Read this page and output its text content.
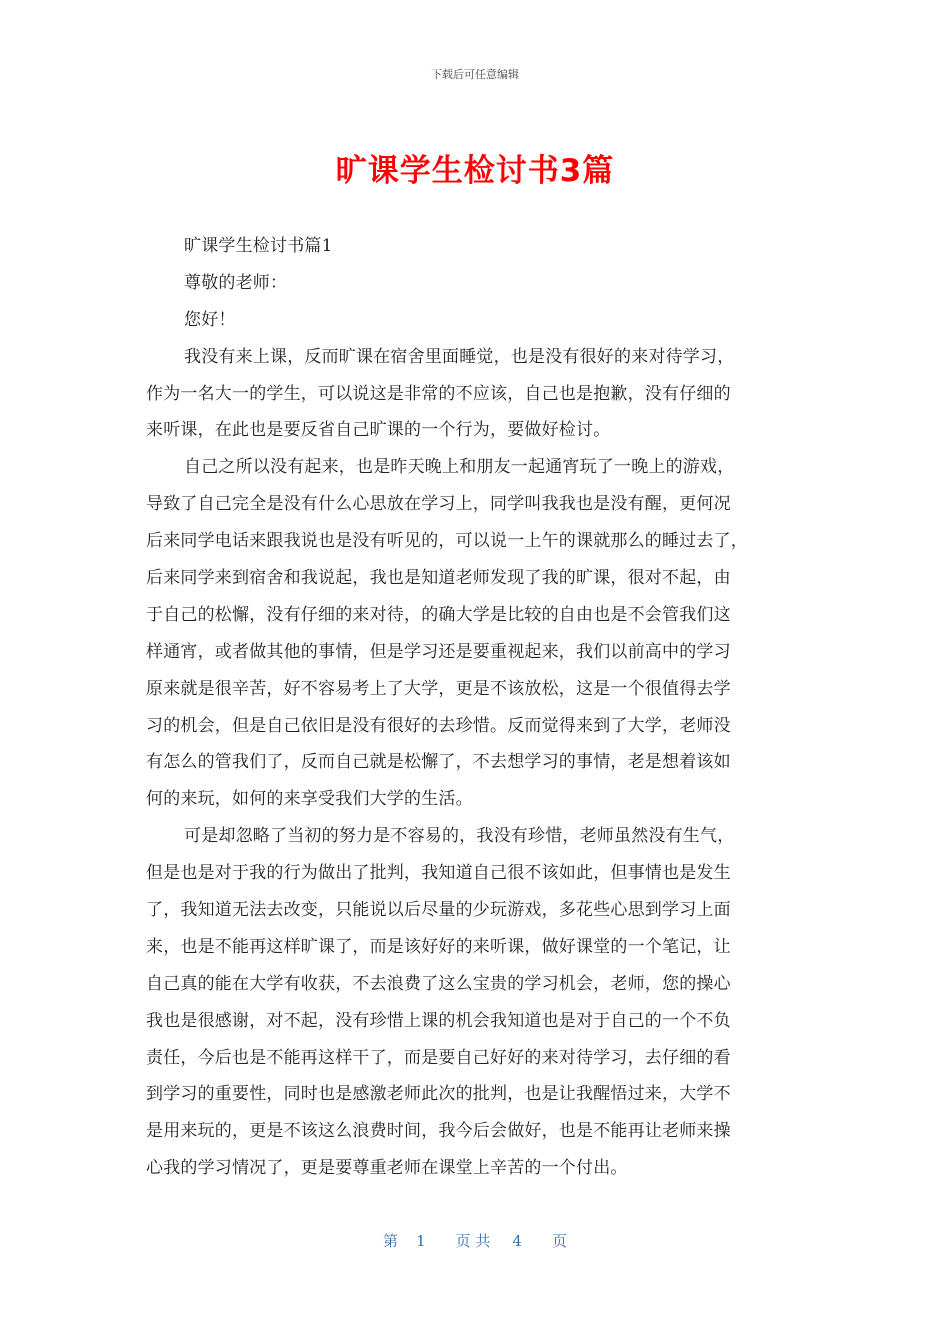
下载后可任意编辑
旷课学生检讨书3篇
旷课学生检讨书篇1
尊敬的老师：
您好！
我没有来上课，反而旷课在宿舍里面睡觉，也是没有很好的来对待学习，
作为一名大一的学生，可以说这是非常的不应该，自己也是抱歉，没有仔细的
来听课，在此也是要反省自己旷课的一个行为，要做好检讨。
自己之所以没有起来，也是昨天晚上和朋友一起通宵玩了一晚上的游戏，
导致了自己完全是没有什么心思放在学习上，同学叫我我也是没有醒，更何况
后来同学电话来跟我说也是没有听见的，可以说一上午的课就那么的睡过去了，
后来同学来到宿舍和我说起，我也是知道老师发现了我的旷课，很对不起，由
于自己的松懈，没有仔细的来对待，的确大学是比较的自由也是不会管我们这
样通宵，或者做其他的事情，但是学习还是要重视起来，我们以前高中的学习
原来就是很辛苦，好不容易考上了大学，更是不该放松，这是一个很值得去学
习的机会，但是自己依旧是没有很好的去珍惜。反而觉得来到了大学，老师没
有怎么的管我们了，反而自己就是松懈了，不去想学习的事情，老是想着该如
何的来玩，如何的来享受我们大学的生活。
可是却忽略了当初的努力是不容易的，我没有珍惜，老师虽然没有生气，
但是也是对于我的行为做出了批判，我知道自己很不该如此，但事情也是发生
了，我知道无法去改变，只能说以后尽量的少玩游戏，多花些心思到学习上面
来，也是不能再这样旷课了，而是该好好的来听课，做好课堂的一个笔记，让
自己真的能在大学有收获，不去浪费了这么宝贵的学习机会，老师，您的操心
我也是很感谢，对不起，没有珍惜上课的机会我知道也是对于自己的一个不负
责任，今后也是不能再这样干了，而是要自己好好的来对待学习，去仔细的看
到学习的重要性，同时也是感激老师此次的批判，也是让我醒悟过来，大学不
是用来玩的，更是不该这么浪费时间，我今后会做好，也是不能再让老师来操
心我的学习情况了，更是要尊重老师在课堂上辛苦的一个付出。
第 1 页 共 4 页
